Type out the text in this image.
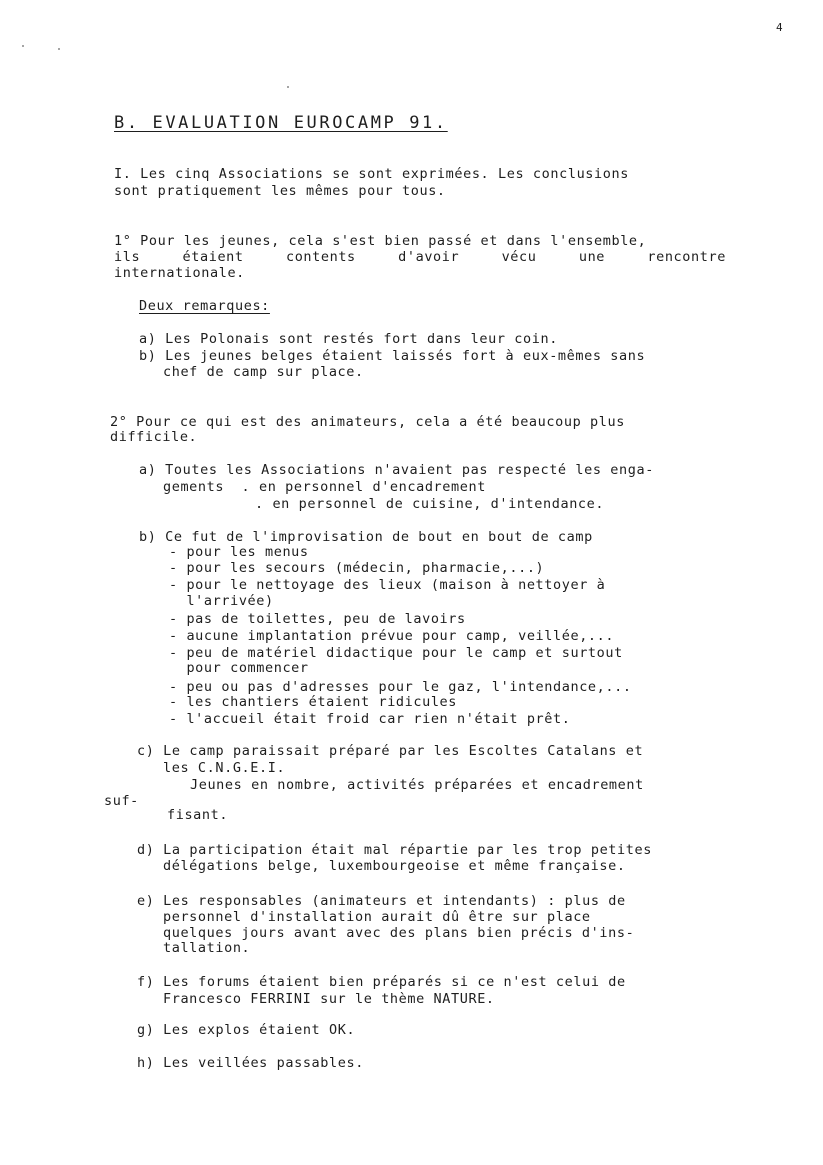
4
B. EVALUATION EUROCAMP 91.
I. Les cinq Associations se sont exprimées. Les conclusions
sont pratiquement les mêmes pour tous.
1° Pour les jeunes, cela s'est bien passé et dans l'ensemble,
ils	étaient	contents	d'avoir	vécu	une	rencontre
internationale.
Deux remarques:
a) Les Polonais sont restés fort dans leur coin.
b) Les jeunes belges étaient laissés fort à eux-mêmes sans
chef de camp sur place.
2° Pour ce qui est des animateurs, cela a été beaucoup plus
difficile.
a) Toutes les Associations n'avaient pas respecté les enga-
gements  . en personnel d'encadrement
. en personnel de cuisine, d'intendance.
b) Ce fut de l'improvisation de bout en bout de camp
- pour les menus
- pour les secours (médecin, pharmacie,...)
- pour le nettoyage des lieux (maison à nettoyer à
l'arrivée)
- pas de toilettes, peu de lavoirs
- aucune implantation prévue pour camp, veillée,...
- peu de matériel didactique pour le camp et surtout
pour commencer
- peu ou pas d'adresses pour le gaz, l'intendance,...
- les chantiers étaient ridicules
- l'accueil était froid car rien n'était prêt.
c) Le camp paraissait préparé par les Escoltes Catalans et
les C.N.G.E.I.
Jeunes en nombre, activités préparées et encadrement
suf-
fisant.
d) La participation était mal répartie par les trop petites
délégations belge, luxembourgeoise et même française.
e) Les responsables (animateurs et intendants) : plus de
personnel d'installation aurait dû être sur place
quelques jours avant avec des plans bien précis d'ins-
tallation.
f) Les forums étaient bien préparés si ce n'est celui de
Francesco FERRINI sur le thème NATURE.
g) Les explos étaient OK.
h) Les veillées passables.
